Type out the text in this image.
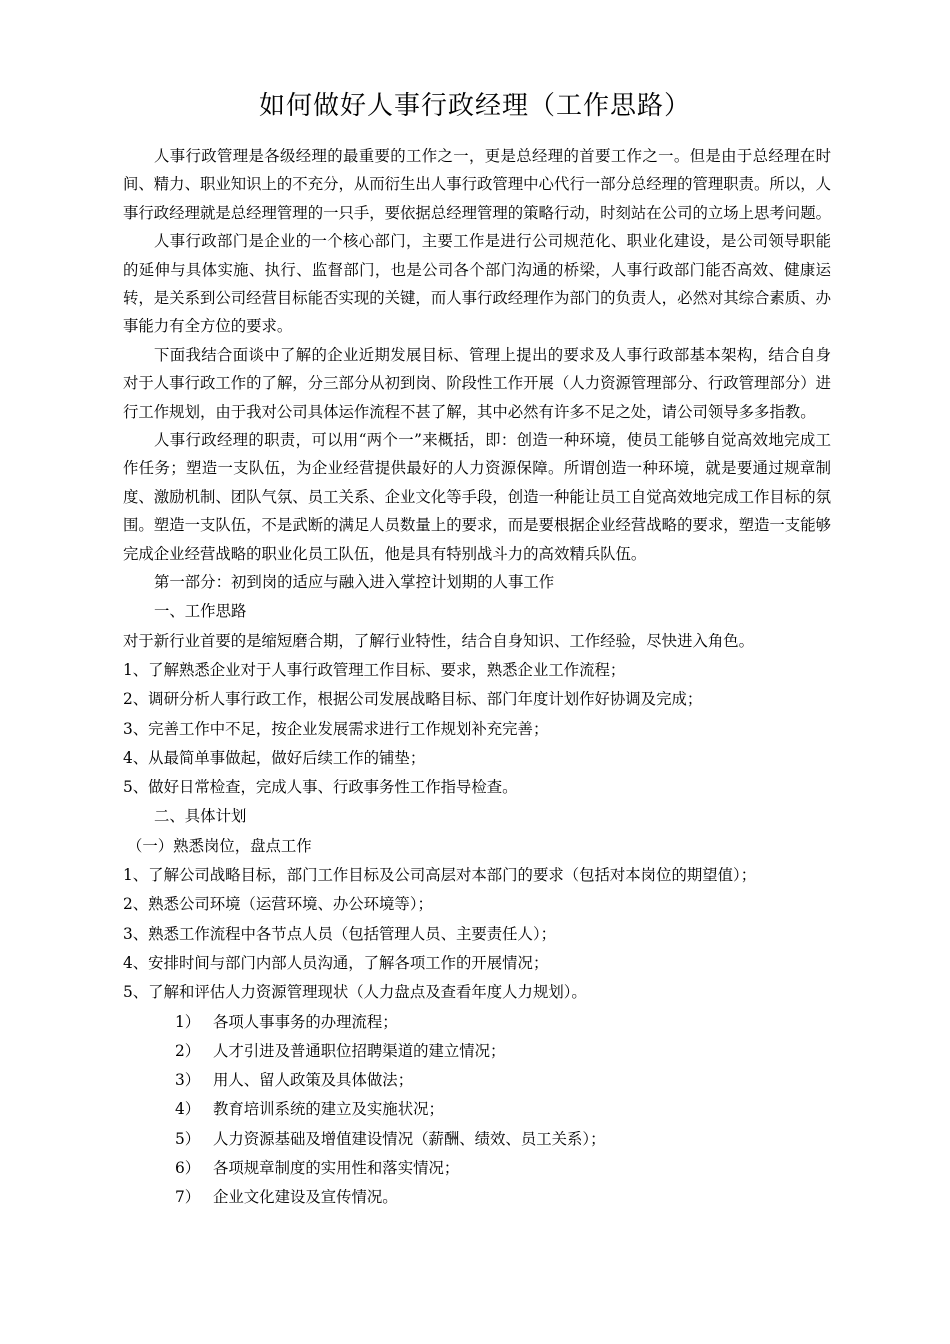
如何做好人事行政经理（工作思路）

人事行政管理是各级经理的最重要的工作之一，更是总经理的首要工作之一。但是由于总经理在时间、精力、职业知识上的不充分，从而衍生出人事行政管理中心代行一部分总经理的管理职责。所以，人事行政经理就是总经理管理的一只手，要依据总经理管理的策略行动，时刻站在公司的立场上思考问题。

人事行政部门是企业的一个核心部门，主要工作是进行公司规范化、职业化建设，是公司领导职能的延伸与具体实施、执行、监督部门，也是公司各个部门沟通的桥梁，人事行政部门能否高效、健康运转，是关系到公司经营目标能否实现的关键，而人事行政经理作为部门的负责人，必然对其综合素质、办事能力有全方位的要求。

下面我结合面谈中了解的企业近期发展目标、管理上提出的要求及人事行政部基本架构，结合自身对于人事行政工作的了解，分三部分从初到岗、阶段性工作开展（人力资源管理部分、行政管理部分）进行工作规划，由于我对公司具体运作流程不甚了解，其中必然有许多不足之处，请公司领导多多指教。

人事行政经理的职责，可以用“两个一”来概括，即：创造一种环境，使员工能够自觉高效地完成工作任务；塑造一支队伍，为企业经营提供最好的人力资源保障。所谓创造一种环境，就是要通过规章制度、激励机制、团队气氛、员工关系、企业文化等手段，创造一种能让员工自觉高效地完成工作目标的氛围。塑造一支队伍，不是武断的满足人员数量上的要求，而是要根据企业经营战略的要求，塑造一支能够完成企业经营战略的职业化员工队伍，他是具有特别战斗力的高效精兵队伍。

第一部分：初到岗的适应与融入进入掌控计划期的人事工作

一、工作思路

对于新行业首要的是缩短磨合期，了解行业特性，结合自身知识、工作经验，尽快进入角色。

1、了解熟悉企业对于人事行政管理工作目标、要求，熟悉企业工作流程；

2、调研分析人事行政工作，根据公司发展战略目标、部门年度计划作好协调及完成；

3、完善工作中不足，按企业发展需求进行工作规划补充完善；

4、从最简单事做起，做好后续工作的铺垫；

5、做好日常检查，完成人事、行政事务性工作指导检查。

二、具体计划

（一）熟悉岗位，盘点工作

1、了解公司战略目标，部门工作目标及公司高层对本部门的要求（包括对本岗位的期望值）；

2、熟悉公司环境（运营环境、办公环境等）；

3、熟悉工作流程中各节点人员（包括管理人员、主要责任人）；

4、安排时间与部门内部人员沟通，了解各项工作的开展情况；

5、了解和评估人力资源管理现状（人力盘点及查看年度人力规划）。

1） 各项人事事务的办理流程；

2） 人才引进及普通职位招聘渠道的建立情况；

3） 用人、留人政策及具体做法；

4） 教育培训系统的建立及实施状况；

5） 人力资源基础及增值建设情况（薪酬、绩效、员工关系）；

6） 各项规章制度的实用性和落实情况；

7） 企业文化建设及宣传情况。
